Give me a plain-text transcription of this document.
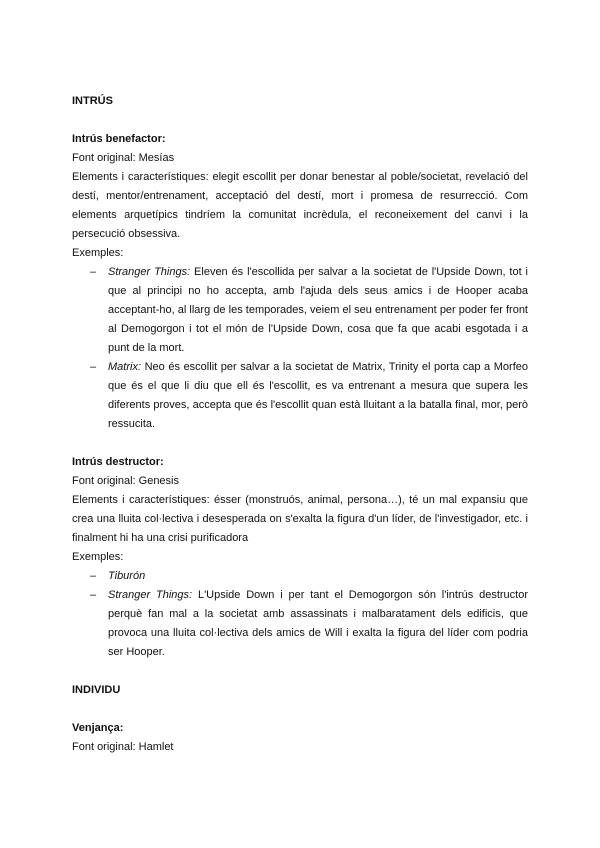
INTRÚS

Intrús benefactor:

Font original: Mesías

Elements i característiques: elegit escollit per donar benestar al poble/societat, revelació del destí, mentor/entrenament, acceptació del destí, mort i promesa de resurrecció. Com elements arquetípics tindríem la comunitat incrèdula, el reconeixement del canvi i la persecució obsessiva.

Exemples:

– Stranger Things: Eleven és l'escollida per salvar a la societat de l'Upside Down, tot i que al principi no ho accepta, amb l'ajuda dels seus amics i de Hooper acaba acceptant-ho, al llarg de les temporades, veiem el seu entrenament per poder fer front al Demogorgon i tot el món de l'Upside Down, cosa que fa que acabi esgotada i a punt de la mort.
– Matrix: Neo és escollit per salvar a la societat de Matrix, Trinity el porta cap a Morfeo que és el que li diu que ell és l'escollit, es va entrenant a mesura que supera les diferents proves, accepta que és l'escollit quan està lluitant a la batalla final, mor, però ressucita.

Intrús destructor:

Font original: Genesis

Elements i característiques: ésser (monstruós, animal, persona…), té un mal expansiu que crea una lluita col·lectiva i desesperada on s'exalta la figura d'un líder, de l'investigador, etc. i finalment hi ha una crisi purificadora

Exemples:

– Tiburón
– Stranger Things: L'Upside Down i per tant el Demogorgon són l'intrús destructor perquè fan mal a la societat amb assassinats i malbaratament dels edificis, que provoca una lluita col·lectiva dels amics de Will i exalta la figura del líder com podria ser Hooper.

INDIVIDU

Venjança:

Font original: Hamlet
